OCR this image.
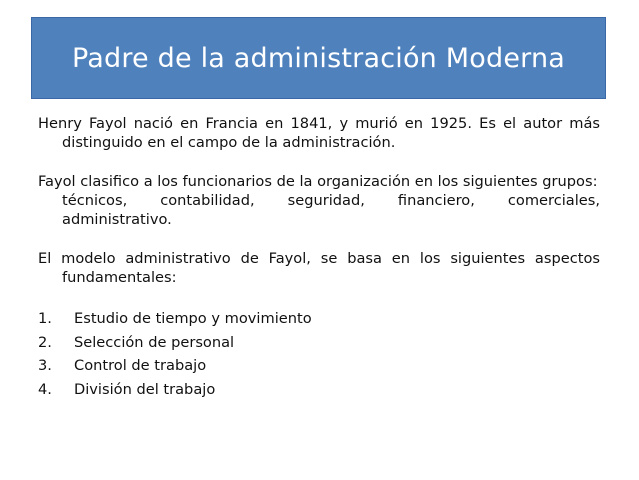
Padre de la administración Moderna

Henry Fayol nació en Francia en 1841, y murió en 1925. Es el autor más distinguido en el campo de la administración.

Fayol clasifico a los funcionarios de la organización en los siguientes grupos:
técnicos, contabilidad, seguridad, financiero, comerciales, administrativo.

El modelo administrativo de Fayol, se basa en los siguientes aspectos fundamentales:

1.	Estudio de tiempo y movimiento
2.	Selección de personal
3.	Control de trabajo
4.	División del trabajo
